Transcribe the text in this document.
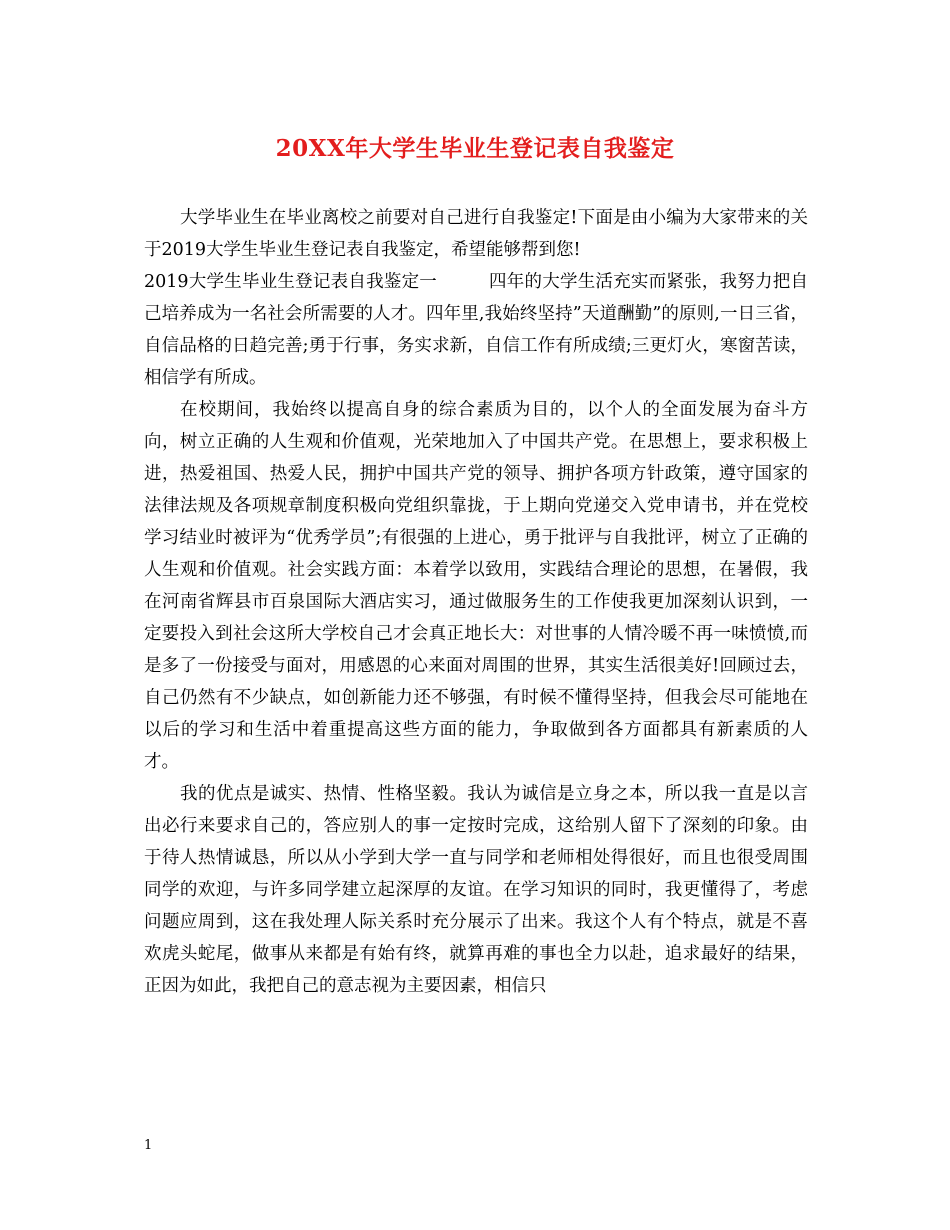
20XX年大学生毕业生登记表自我鉴定

大学毕业生在毕业离校之前要对自己进行自我鉴定!下面是由小编为大家带来的关于2019大学生毕业生登记表自我鉴定，希望能够帮到您!

2019大学生毕业生登记表自我鉴定一	四年的大学生活充实而紧张，我努力把自己培养成为一名社会所需要的人才。四年里,我始终坚持”天道酬勤”的原则,一日三省，自信品格的日趋完善;勇于行事，务实求新，自信工作有所成绩;三更灯火，寒窗苦读，相信学有所成。

在校期间，我始终以提高自身的综合素质为目的，以个人的全面发展为奋斗方向，树立正确的人生观和价值观，光荣地加入了中国共产党。在思想上，要求积极上进，热爱祖国、热爱人民，拥护中国共产党的领导、拥护各项方针政策，遵守国家的法律法规及各项规章制度积极向党组织靠拢，于上期向党递交入党申请书，并在党校学习结业时被评为“优秀学员”;有很强的上进心，勇于批评与自我批评，树立了正确的人生观和价值观。社会实践方面：本着学以致用，实践结合理论的思想，在暑假，我在河南省辉县市百泉国际大酒店实习，通过做服务生的工作使我更加深刻认识到，一定要投入到社会这所大学校自己才会真正地长大：对世事的人情冷暖不再一味愤愤,而是多了一份接受与面对，用感恩的心来面对周围的世界，其实生活很美好!回顾过去，自己仍然有不少缺点，如创新能力还不够强，有时候不懂得坚持，但我会尽可能地在以后的学习和生活中着重提高这些方面的能力，争取做到各方面都具有新素质的人才。

我的优点是诚实、热情、性格坚毅。我认为诚信是立身之本，所以我一直是以言出必行来要求自己的，答应别人的事一定按时完成，这给别人留下了深刻的印象。由于待人热情诚恳，所以从小学到大学一直与同学和老师相处得很好，而且也很受周围同学的欢迎，与许多同学建立起深厚的友谊。在学习知识的同时，我更懂得了，考虑问题应周到，这在我处理人际关系时充分展示了出来。我这个人有个特点，就是不喜欢虎头蛇尾，做事从来都是有始有终，就算再难的事也全力以赴，追求最好的结果，正因为如此，我把自己的意志视为主要因素，相信只

1
